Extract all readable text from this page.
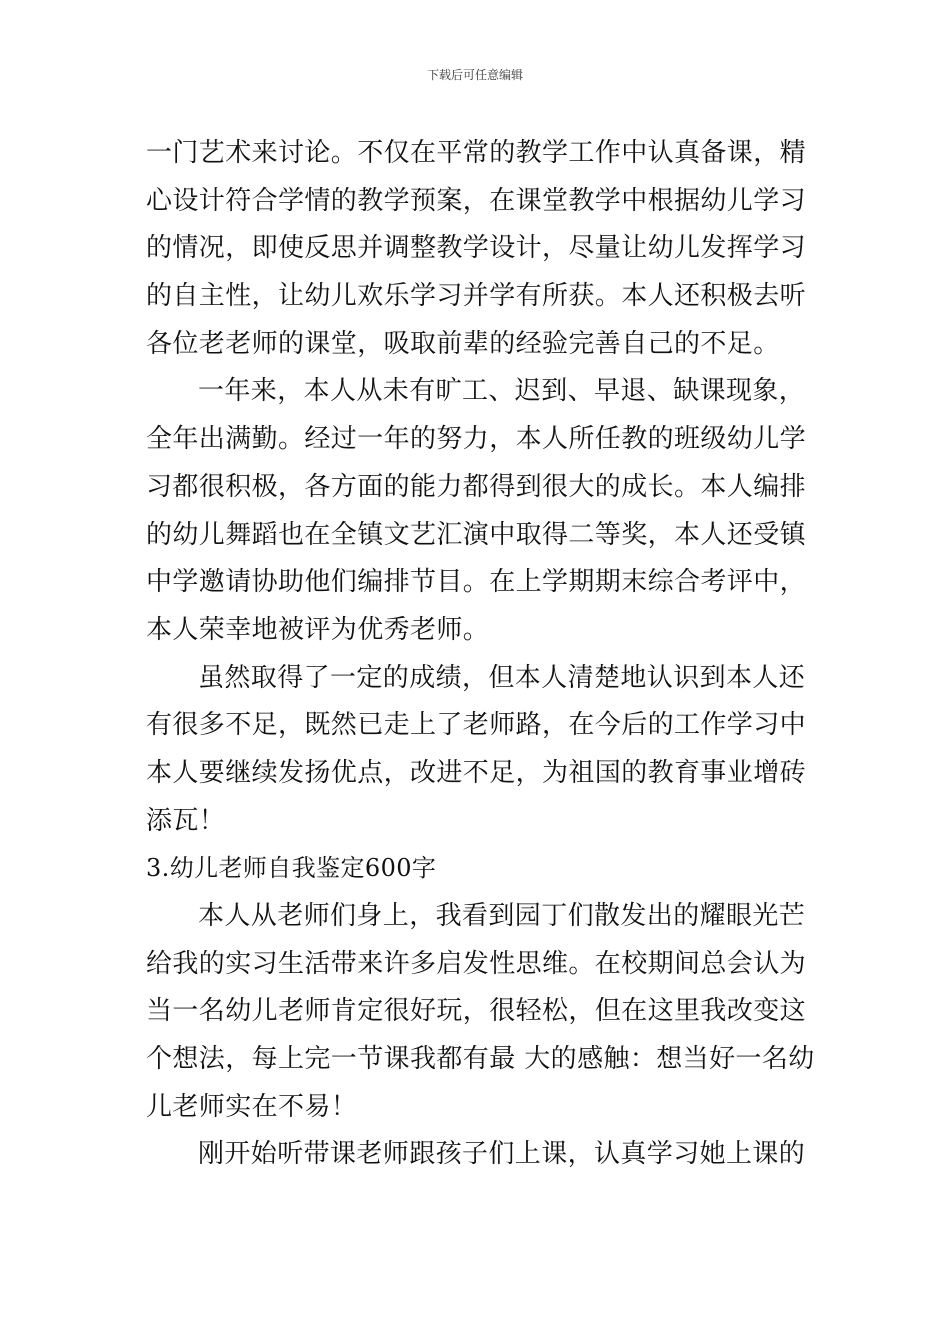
下载后可任意编辑
一门艺术来讨论。不仅在平常的教学工作中认真备课，精
心设计符合学情的教学预案，在课堂教学中根据幼儿学习
的情况，即使反思并调整教学设计，尽量让幼儿发挥学习
的自主性，让幼儿欢乐学习并学有所获。本人还积极去听
各位老老师的课堂，吸取前辈的经验完善自己的不足。
一年来，本人从未有旷工、迟到、早退、缺课现象，
全年出满勤。经过一年的努力，本人所任教的班级幼儿学
习都很积极，各方面的能力都得到很大的成长。本人编排
的幼儿舞蹈也在全镇文艺汇演中取得二等奖，本人还受镇
中学邀请协助他们编排节目。在上学期期末综合考评中，
本人荣幸地被评为优秀老师。
虽然取得了一定的成绩，但本人清楚地认识到本人还
有很多不足，既然已走上了老师路，在今后的工作学习中
本人要继续发扬优点，改进不足，为祖国的教育事业增砖
添瓦！
3.幼儿老师自我鉴定600字
本人从老师们身上，我看到园丁们散发出的耀眼光芒
给我的实习生活带来许多启发性思维。在校期间总会认为
当一名幼儿老师肯定很好玩，很轻松，但在这里我改变这
个想法，每上完一节课我都有最 大的感触：想当好一名幼
儿老师实在不易！
刚开始听带课老师跟孩子们上课，认真学习她上课的
